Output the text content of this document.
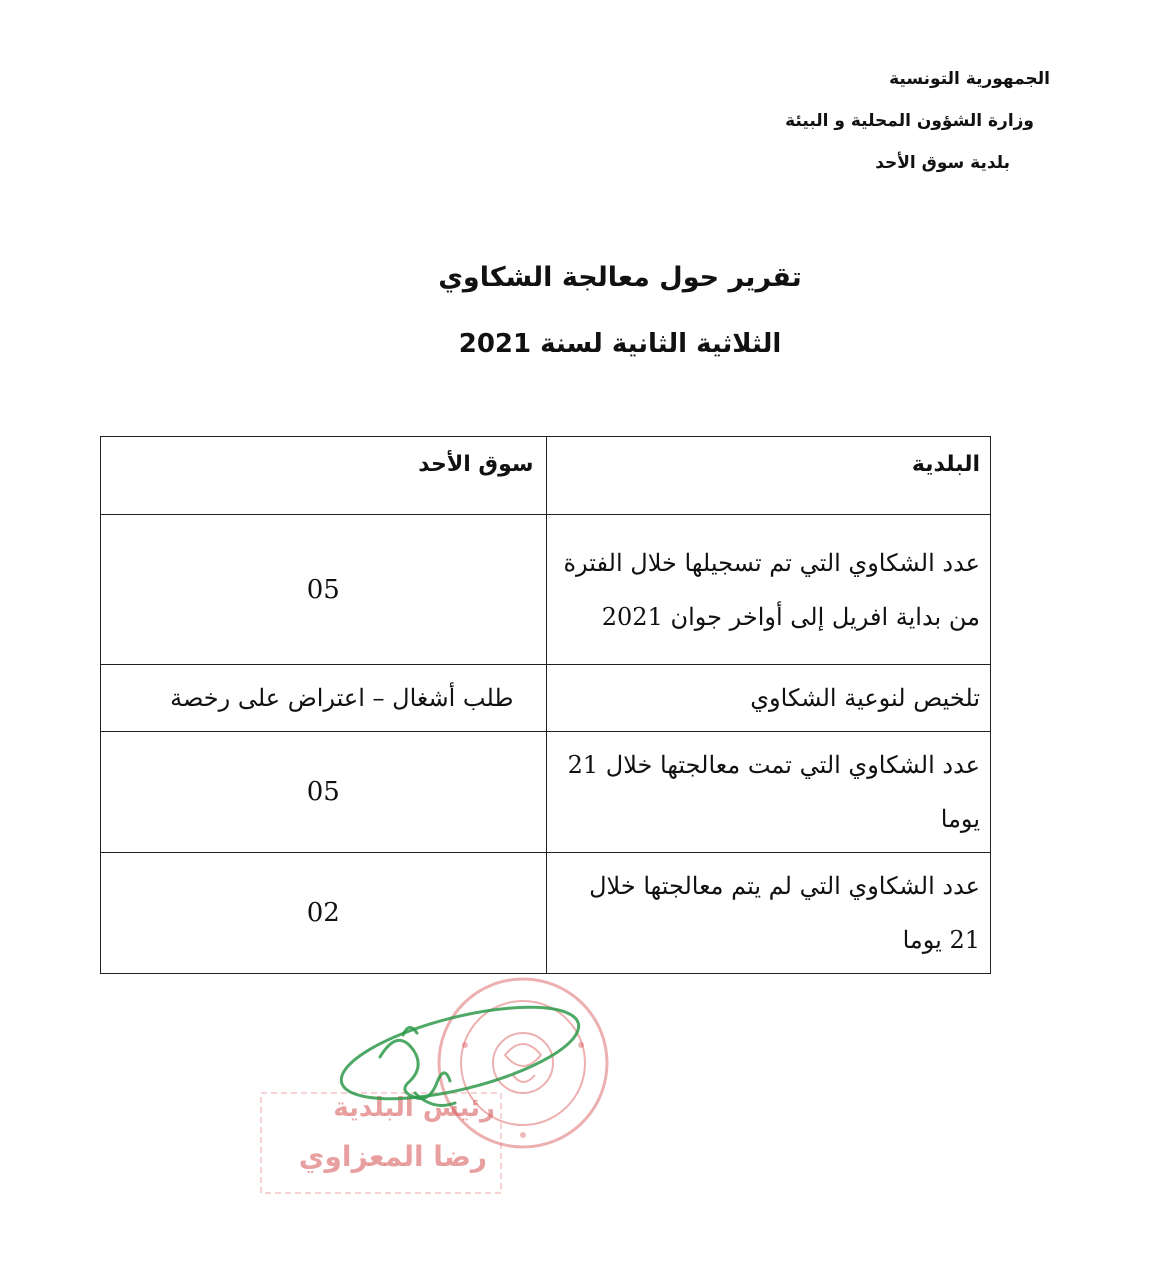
الجمهورية التونسية
وزارة الشؤون المحلية و البيئة
بلدية سوق الأحد
تقرير حول معالجة الشكاوي
الثلاثية الثانية لسنة 2021
البلدية	سوق الأحد
عدد الشكاوي التي تم تسجيلها خلال الفترة من بداية افريل إلى أواخر جوان 2021	05
تلخيص لنوعية الشكاوي	طلب أشغال – اعتراض على رخصة
عدد الشكاوي التي تمت معالجتها خلال 21 يوما	05
عدد الشكاوي التي لم يتم معالجتها خلال 21 يوما	02
رئيس البلدية
رضا المعزاوي
